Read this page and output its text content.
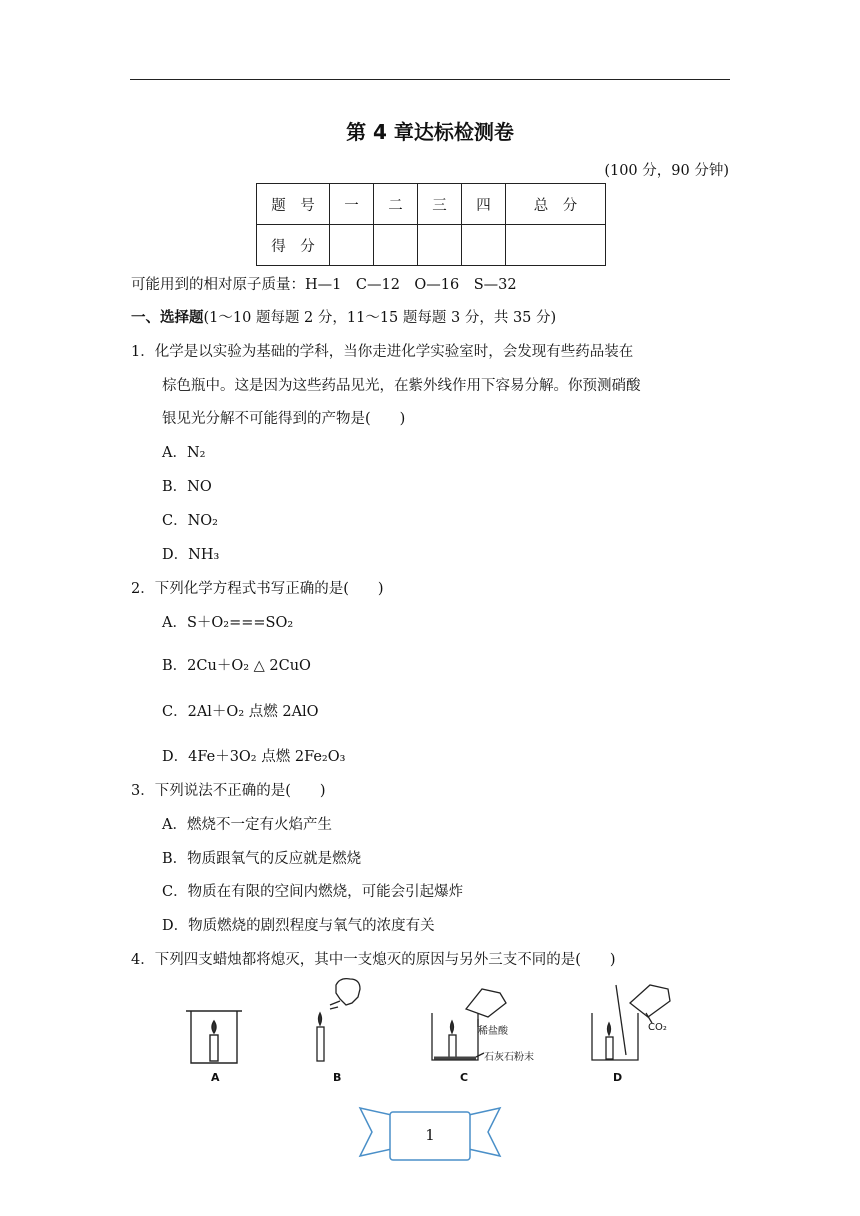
第 4 章达标检测卷
(100 分，90 分钟)
题　号	一	二	三	四	总　分
得　分					
可能用到的相对原子质量：H—1　C—12　O—16　S—32
一、选择题(1～10 题每题 2 分，11～15 题每题 3 分，共 35 分)
1．化学是以实验为基础的学科，当你走进化学实验室时，会发现有些药品装在
棕色瓶中。这是因为这些药品见光，在紫外线作用下容易分解。你预测硝酸
银见光分解不可能得到的产物是(　　)
A．N₂
B．NO
C．NO₂
D．NH₃
2．下列化学方程式书写正确的是(　　)
A．S＋O₂===SO₂
B．2Cu＋O₂ △ 2CuO
C．2Al＋O₂ 点燃 2AlO
D．4Fe＋3O₂ 点燃 2Fe₂O₃
3．下列说法不正确的是(　　)
A．燃烧不一定有火焰产生
B．物质跟氧气的反应就是燃烧
C．物质在有限的空间内燃烧，可能会引起爆炸
D．物质燃烧的剧烈程度与氧气的浓度有关
4．下列四支蜡烛都将熄灭，其中一支熄灭的原因与另外三支不同的是(　　)
稀盐酸
石灰石粉末
CO₂
A	B	C	D
1
